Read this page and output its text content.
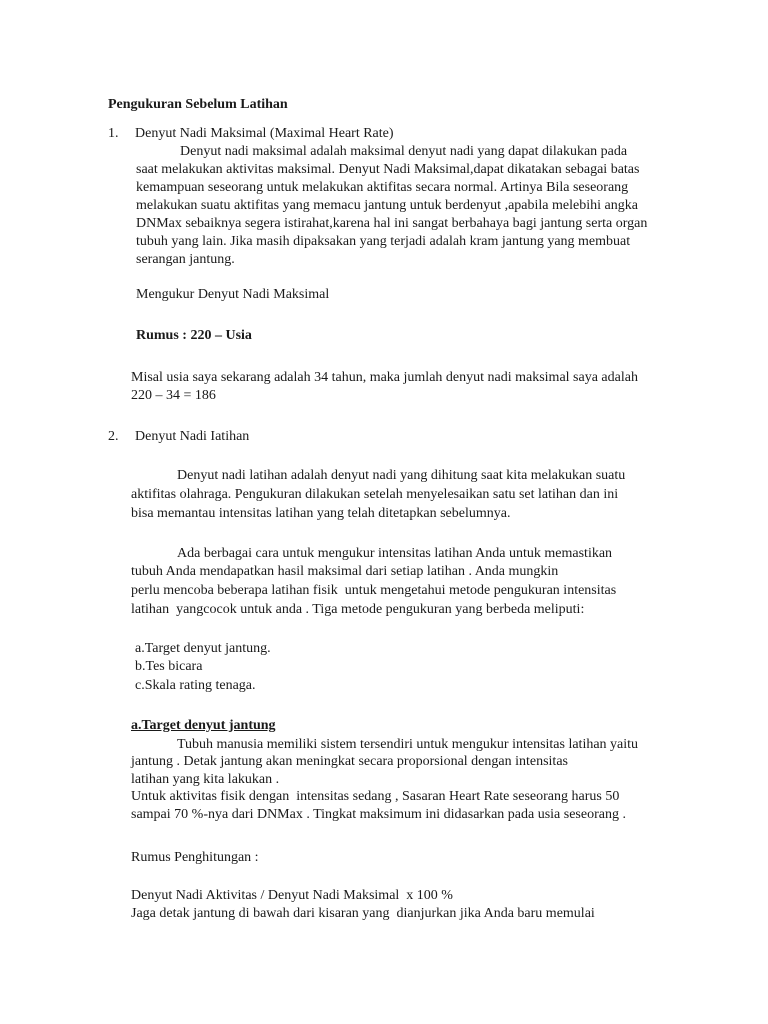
Pengukuran Sebelum Latihan

1. Denyut Nadi Maksimal (Maximal Heart Rate)

Denyut nadi maksimal adalah maksimal denyut nadi yang dapat dilakukan pada

saat melakukan aktivitas maksimal. Denyut Nadi Maksimal,dapat dikatakan sebagai batas

kemampuan seseorang untuk melakukan aktifitas secara normal. Artinya Bila seseorang

melakukan suatu aktifitas yang memacu jantung untuk berdenyut ,apabila melebihi angka

DNMax sebaiknya segera istirahat,karena hal ini sangat berbahaya bagi jantung serta organ

tubuh yang lain. Jika masih dipaksakan yang terjadi adalah kram jantung yang membuat

serangan jantung.

Mengukur Denyut Nadi Maksimal

Rumus : 220 – Usia

Misal usia saya sekarang adalah 34 tahun, maka jumlah denyut nadi maksimal saya adalah

220 – 34 = 186

2. Denyut Nadi Iatihan

Denyut nadi latihan adalah denyut nadi yang dihitung saat kita melakukan suatu

aktifitas olahraga. Pengukuran dilakukan setelah menyelesaikan satu set latihan dan ini

bisa memantau intensitas latihan yang telah ditetapkan sebelumnya.

Ada berbagai cara untuk mengukur intensitas latihan Anda untuk memastikan

tubuh Anda mendapatkan hasil maksimal dari setiap latihan . Anda mungkin

perlu mencoba beberapa latihan fisik  untuk mengetahui metode pengukuran intensitas

latihan  yangcocok untuk anda . Tiga metode pengukuran yang berbeda meliputi:

a.Target denyut jantung.

b.Tes bicara

c.Skala rating tenaga.

a.Target denyut jantung

Tubuh manusia memiliki sistem tersendiri untuk mengukur intensitas latihan yaitu

jantung . Detak jantung akan meningkat secara proporsional dengan intensitas

latihan yang kita lakukan .

Untuk aktivitas fisik dengan  intensitas sedang , Sasaran Heart Rate seseorang harus 50

sampai 70 %-nya dari DNMax . Tingkat maksimum ini didasarkan pada usia seseorang .

Rumus Penghitungan :

Denyut Nadi Aktivitas / Denyut Nadi Maksimal  x 100 %

Jaga detak jantung di bawah dari kisaran yang  dianjurkan jika Anda baru memulai
